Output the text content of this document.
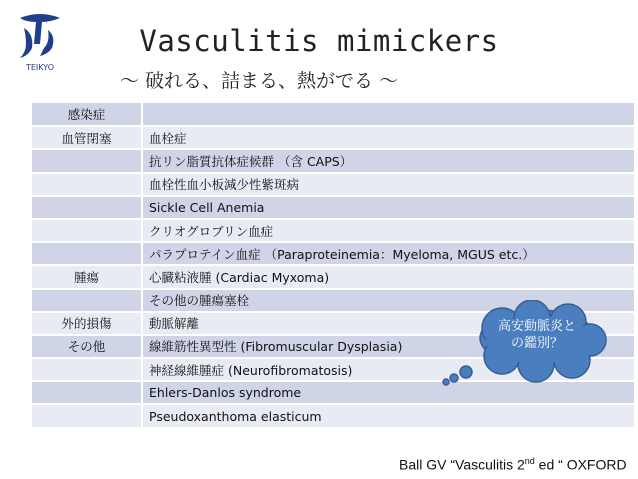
TEIKYO
Vasculitis mimickers
～ 破れる、詰まる、熱がでる ～
感染症	
血管閉塞	血栓症
	抗リン脂質抗体症候群 （含 CAPS）
	血栓性血小板減少性紫斑病
	Sickle Cell Anemia
	クリオグロブリン血症
	パラプロテイン血症 （Paraproteinemia：Myeloma, MGUS etc.）
腫瘍	心臓粘液腫 (Cardiac Myxoma)
	その他の腫瘍塞栓
外的損傷	動脈解離
その他	線維筋性異型性 (Fibromuscular Dysplasia)
	神経線維腫症 (Neurofibromatosis)
	Ehlers-Danlos syndrome
	Pseudoxanthoma elasticum
高安動脈炎と
の鑑別？
Ball GV “Vasculitis 2nd ed “ OXFORD
